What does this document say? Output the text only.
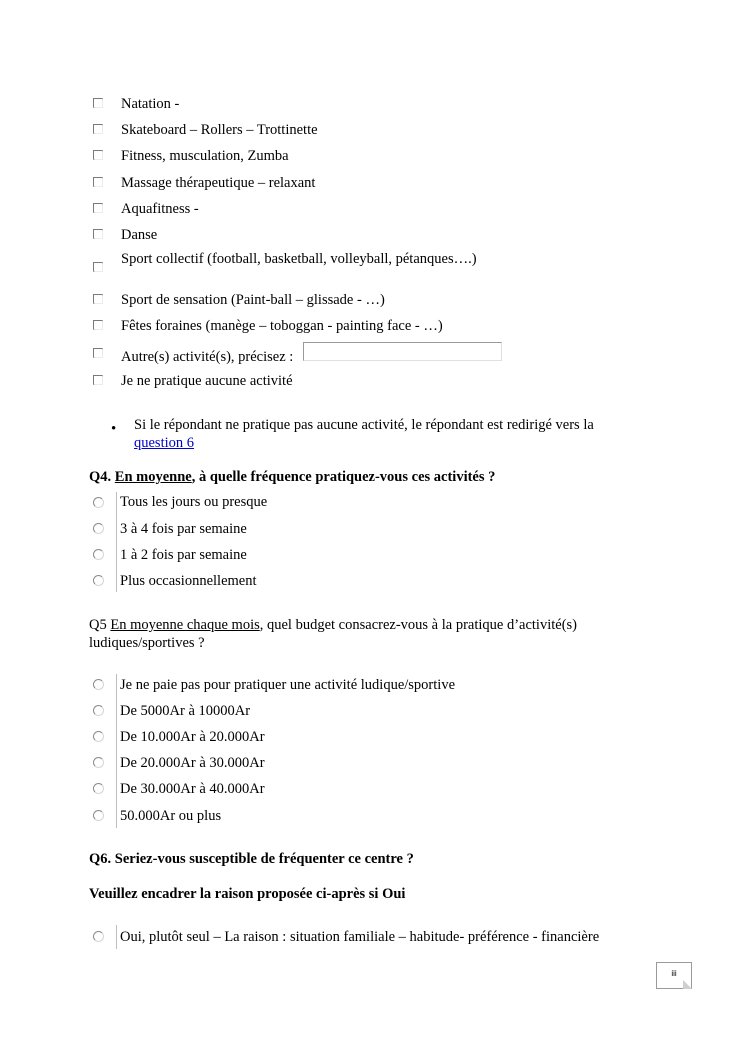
Natation -
Skateboard – Rollers – Trottinette
Fitness, musculation, Zumba
Massage thérapeutique – relaxant
Aquafitness -
Danse
Sport collectif (football, basketball, volleyball, pétanques….)
Sport de sensation (Paint-ball – glissade - …)
Fêtes foraines (manège – toboggan - painting face - …)
Autre(s) activité(s), précisez :
Je ne pratique aucune activité
• Si le répondant ne pratique pas aucune activité, le répondant est redirigé vers la
question 6
Q4. En moyenne, à quelle fréquence pratiquez-vous ces activités ?
Tous les jours ou presque
3 à 4 fois par semaine
1 à 2 fois par semaine
Plus occasionnellement
Q5 En moyenne chaque mois, quel budget consacrez-vous à la pratique d’activité(s)
ludiques/sportives ?
Je ne paie pas pour pratiquer une activité ludique/sportive
De 5000Ar à 10000Ar
De 10.000Ar à 20.000Ar
De 20.000Ar à 30.000Ar
De 30.000Ar à 40.000Ar
50.000Ar ou plus
Q6. Seriez-vous susceptible de fréquenter ce centre ?
Veuillez encadrer la raison proposée ci-après si Oui
Oui, plutôt seul – La raison : situation familiale – habitude- préférence - financière
iii
